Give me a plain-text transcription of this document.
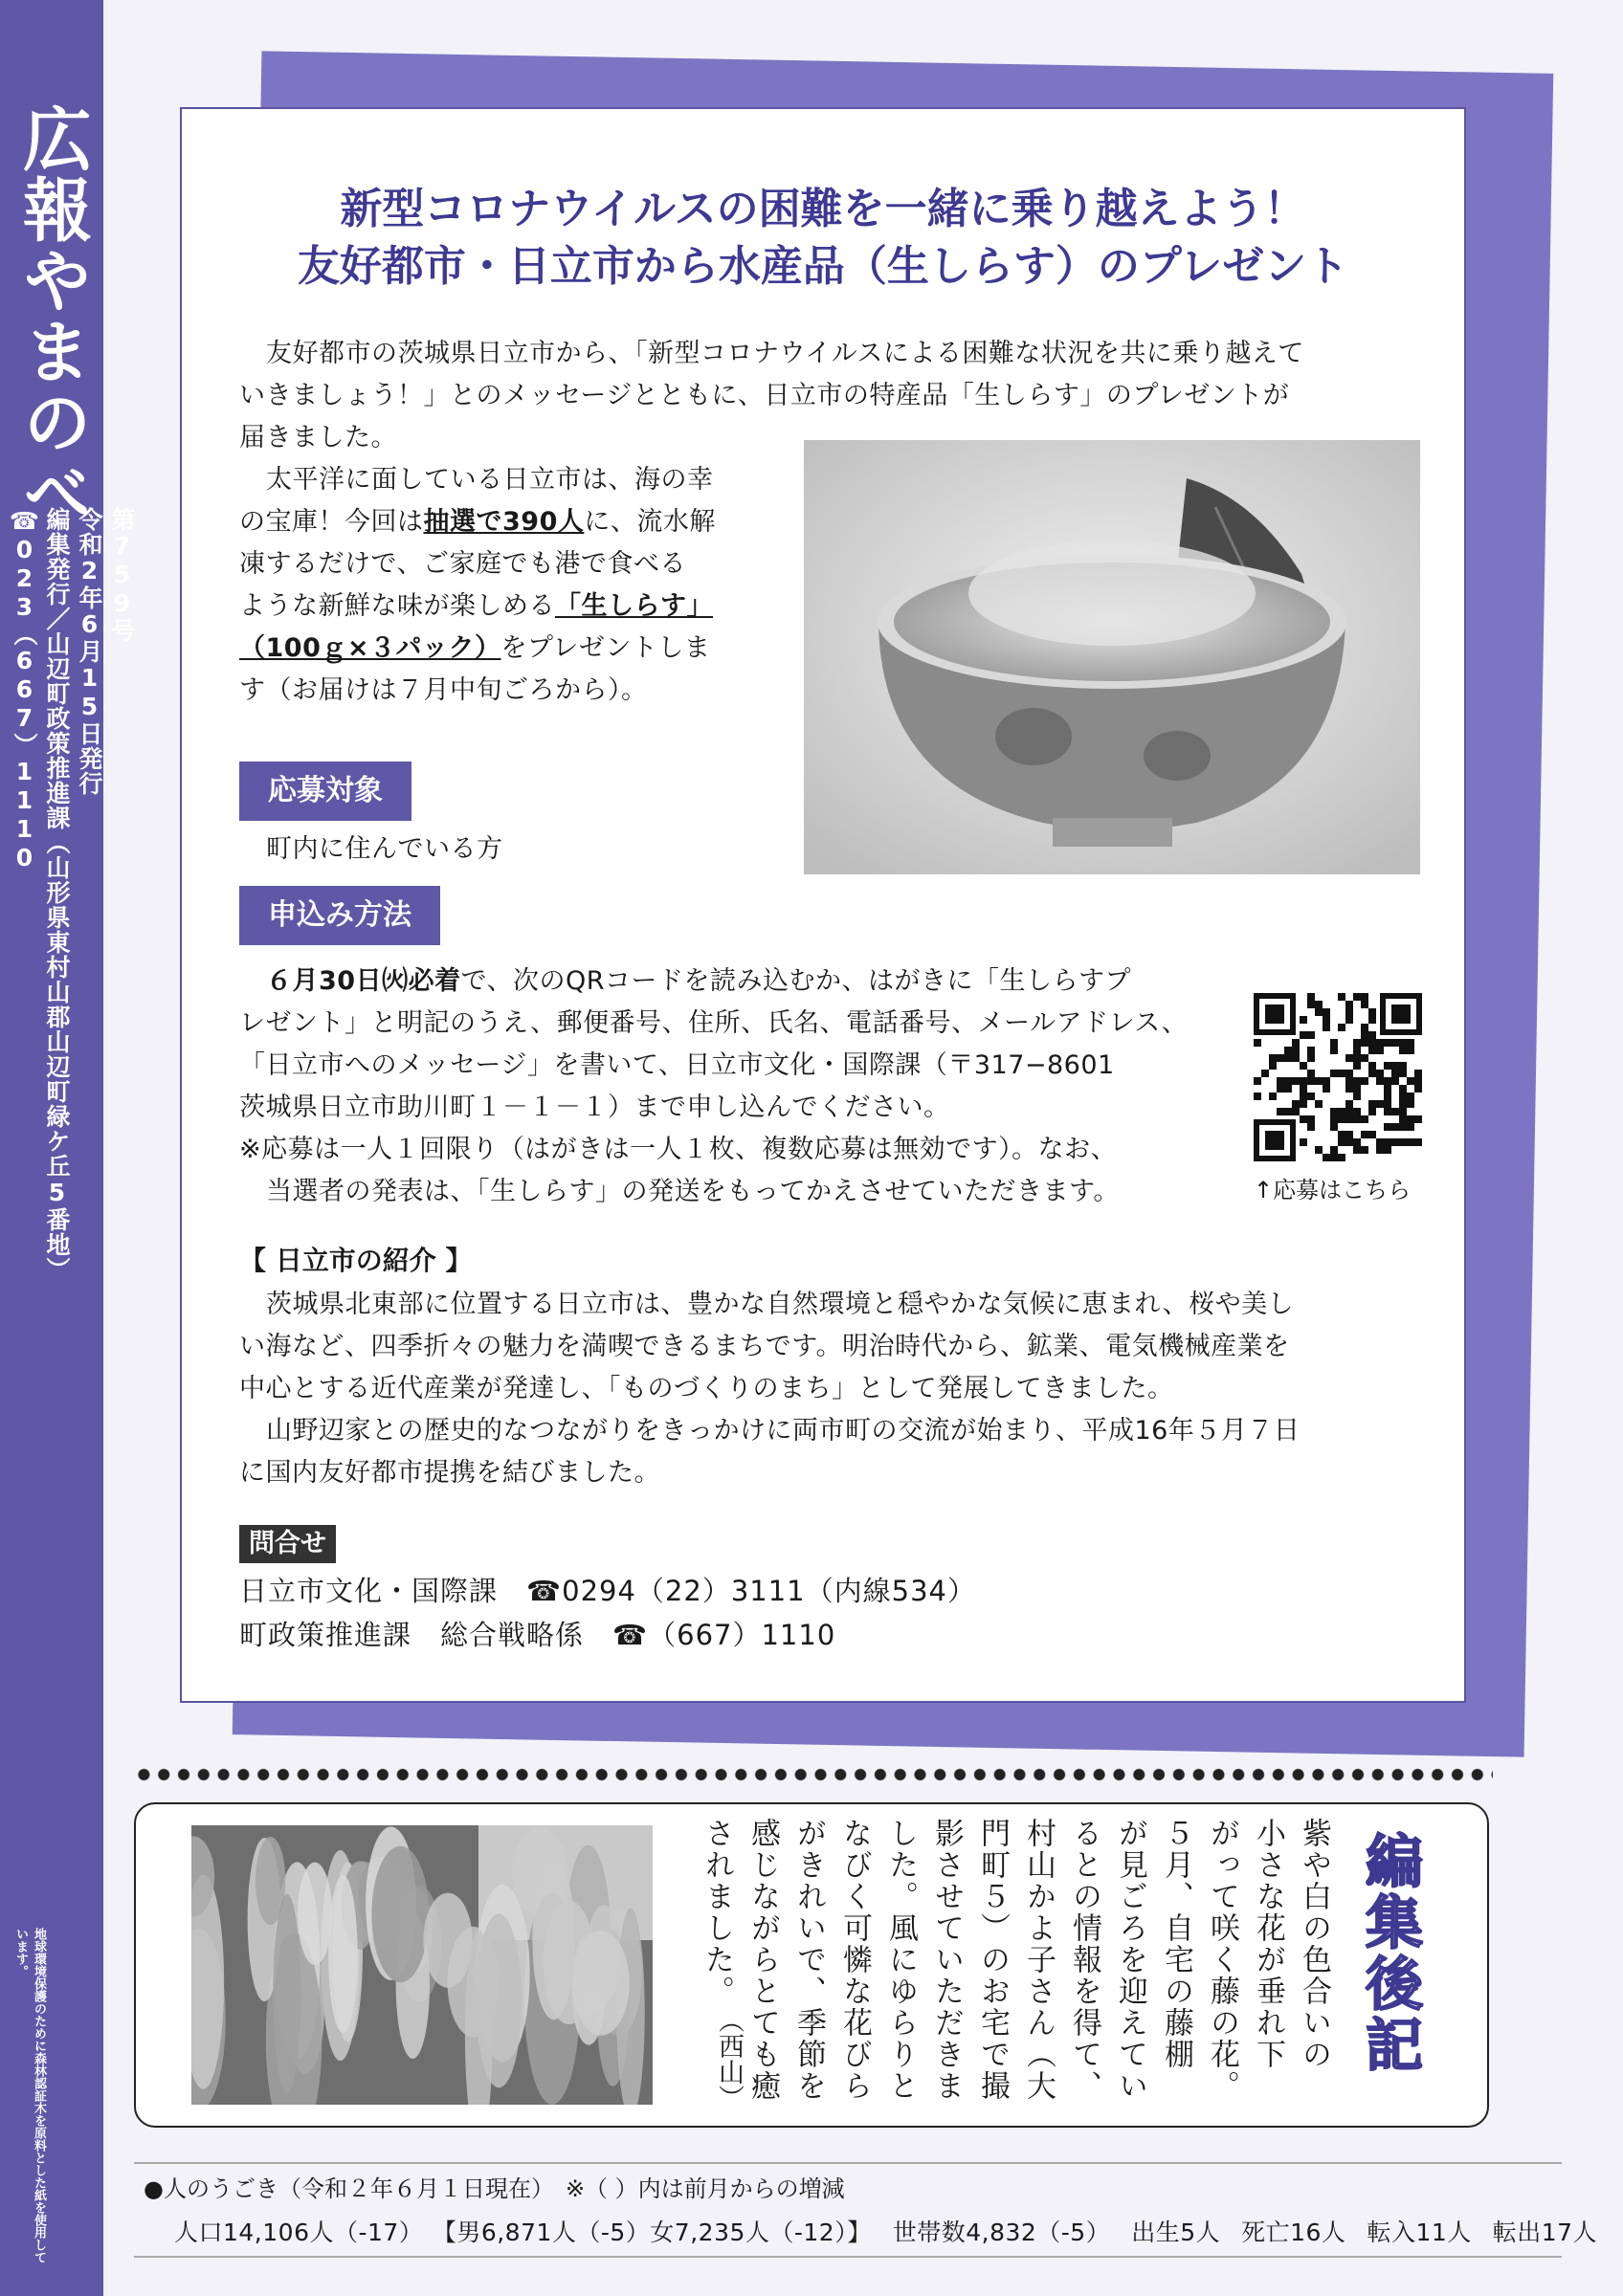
広報やまのべ
第759号
令和2年6月15日発行
編集発行／山辺町政策推進課（山形県東村山郡山辺町緑ケ丘5番地）
☎023（667）1110
地球環境保護のために森林認証木を原料とした紙を使用しています。
新型コロナウイルスの困難を一緒に乗り越えよう！
友好都市・日立市から水産品（生しらす）のプレゼント
友好都市の茨城県日立市から、「新型コロナウイルスによる困難な状況を共に乗り越えて
いきましょう！」とのメッセージとともに、日立市の特産品「生しらす」のプレゼントが
届きました。
太平洋に面している日立市は、海の幸
の宝庫！今回は抽選で390人に、流水解
凍するだけで、ご家庭でも港で食べる
ような新鮮な味が楽しめる「生しらす」
（100ｇ×３パック）をプレゼントしま
す（お届けは７月中旬ごろから）。
応募対象
町内に住んでいる方
申込み方法
６月30日㈫必着で、次のQRコードを読み込むか、はがきに「生しらすプ
レゼント」と明記のうえ、郵便番号、住所、氏名、電話番号、メールアドレス、
「日立市へのメッセージ」を書いて、日立市文化・国際課（〒317−8601
茨城県日立市助川町１－１－１）まで申し込んでください。
※応募は一人１回限り（はがきは一人１枚、複数応募は無効です）。なお、
当選者の発表は、「生しらす」の発送をもってかえさせていただきます。	↑応募はこちら
【 日立市の紹介 】
茨城県北東部に位置する日立市は、豊かな自然環境と穏やかな気候に恵まれ、桜や美し
い海など、四季折々の魅力を満喫できるまちです。明治時代から、鉱業、電気機械産業を
中心とする近代産業が発達し、「ものづくりのまち」として発展してきました。
山野辺家との歴史的なつながりをきっかけに両市町の交流が始まり、平成16年５月７日
に国内友好都市提携を結びました。
問合せ
日立市文化・国際課　☎0294（22）3111（内線534）
町政策推進課　総合戦略係　☎（667）1110
編集後記
紫や白の色合いの
小さな花が垂れ下
がって咲く藤の花。
５月、自宅の藤棚
が見ごろを迎えてい
るとの情報を得て、
村山かよ子さん（大
門町５）のお宅で撮
影させていただきま
した。風にゆらりと
なびく可憐な花びら
がきれいで、季節を
感じながらとても癒
されました。
（西山）
●人のうごき（令和２年６月１日現在）　※（ ）内は前月からの増減
人口14,106人（-17） 【男6,871人（-5）女7,235人（-12）】 世帯数4,832（-5） 出生5人 死亡16人 転入11人 転出17人
